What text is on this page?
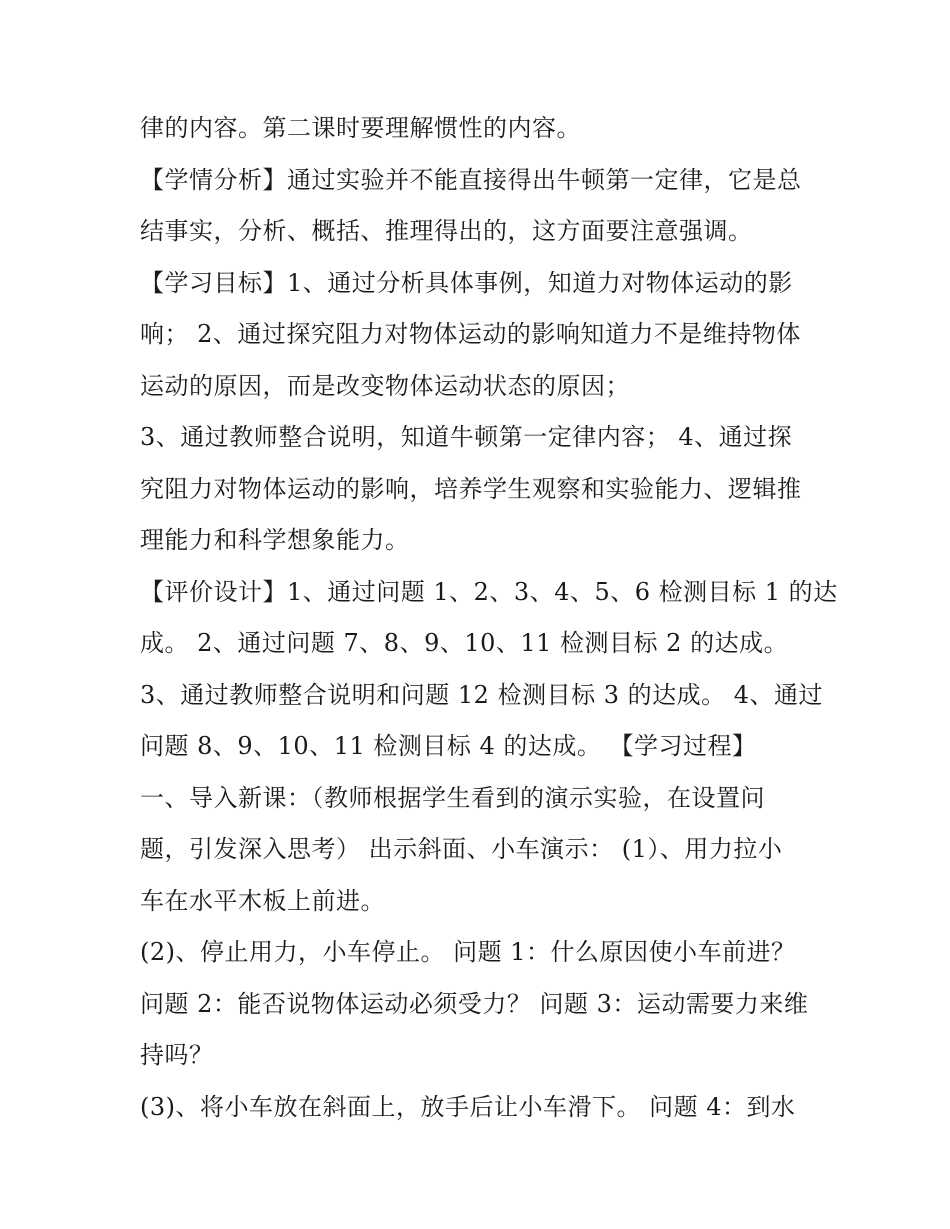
律的内容。第二课时要理解惯性的内容。
【学情分析】通过实验并不能直接得出牛顿第一定律，它是总
结事实，分析、概括、推理得出的，这方面要注意强调。
【学习目标】1、通过分析具体事例，知道力对物体运动的影
响； 2、通过探究阻力对物体运动的影响知道力不是维持物体
运动的原因，而是改变物体运动状态的原因；
3、通过教师整合说明，知道牛顿第一定律内容； 4、通过探
究阻力对物体运动的影响，培养学生观察和实验能力、逻辑推
理能力和科学想象能力。
【评价设计】1、通过问题 1、2、3、4、5、6 检测目标 1 的达
成。 2、通过问题 7、8、9、10、11 检测目标 2 的达成。
3、通过教师整合说明和问题 12 检测目标 3 的达成。 4、通过
问题 8、9、10、11 检测目标 4 的达成。 【学习过程】
一、导入新课：（教师根据学生看到的演示实验，在设置问
题，引发深入思考） 出示斜面、小车演示： (1）、用力拉小
车在水平木板上前进。
(2)、停止用力，小车停止。 问题 1：什么原因使小车前进？
问题 2：能否说物体运动必须受力？ 问题 3：运动需要力来维
持吗？
(3)、将小车放在斜面上，放手后让小车滑下。 问题 4：到水
